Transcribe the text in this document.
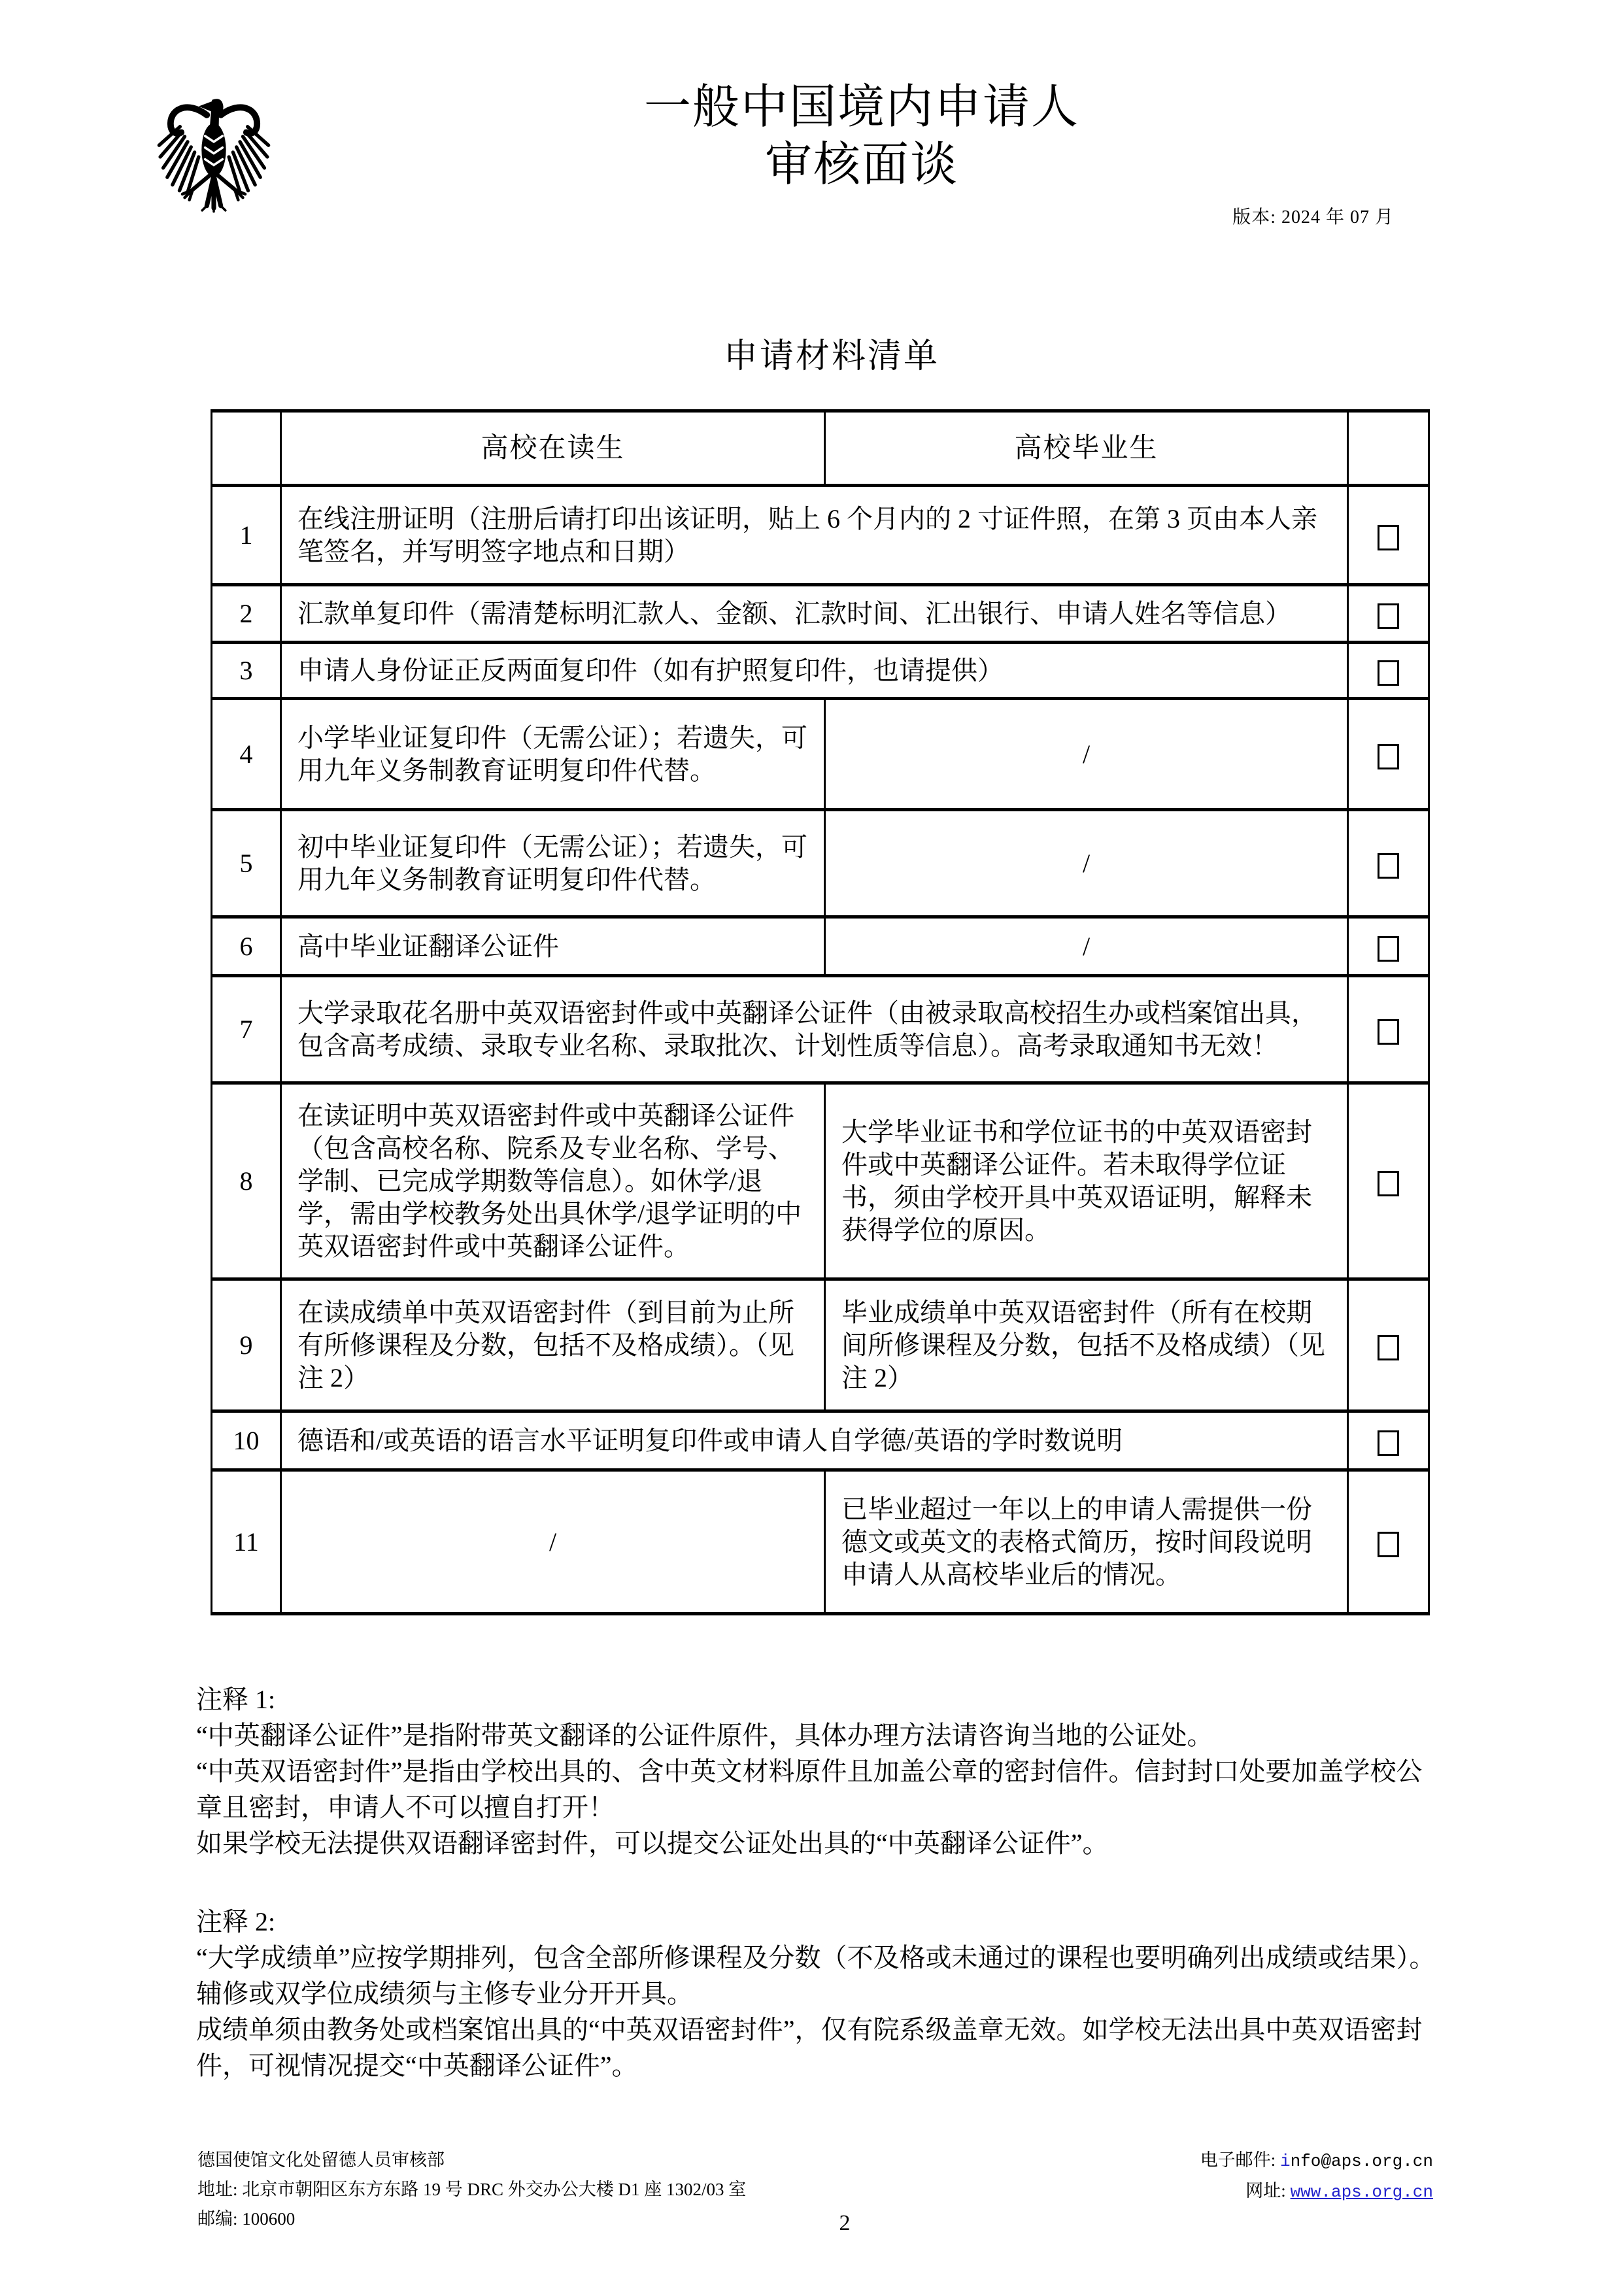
一般中国境内申请人
审核面谈
版本: 2024 年 07 月
申请材料清单
	高校在读生	高校毕业生	
1	在线注册证明（注册后请打印出该证明，贴上 6 个月内的 2 寸证件照，在第 3 页由本人亲笔签名，并写明签字地点和日期）		
2	汇款单复印件（需清楚标明汇款人、金额、汇款时间、汇出银行、申请人姓名等信息）		
3	申请人身份证正反两面复印件（如有护照复印件，也请提供）		
4	小学毕业证复印件（无需公证）；若遗失，可用九年义务制教育证明复印件代替。	/	
5	初中毕业证复印件（无需公证）；若遗失，可用九年义务制教育证明复印件代替。	/	
6	高中毕业证翻译公证件	/	
7	大学录取花名册中英双语密封件或中英翻译公证件（由被录取高校招生办或档案馆出具，包含高考成绩、录取专业名称、录取批次、计划性质等信息）。高考录取通知书无效！		
8	在读证明中英双语密封件或中英翻译公证件（包含高校名称、院系及专业名称、学号、学制、已完成学期数等信息）。如休学/退学，需由学校教务处出具休学/退学证明的中英双语密封件或中英翻译公证件。	大学毕业证书和学位证书的中英双语密封件或中英翻译公证件。若未取得学位证书，须由学校开具中英双语证明，解释未获得学位的原因。	
9	在读成绩单中英双语密封件（到目前为止所有所修课程及分数，包括不及格成绩）。（见注 2）	毕业成绩单中英双语密封件（所有在校期间所修课程及分数，包括不及格成绩）（见注 2）	
10	德语和/或英语的语言水平证明复印件或申请人自学德/英语的学时数说明		
11	/	已毕业超过一年以上的申请人需提供一份德文或英文的表格式简历，按时间段说明申请人从高校毕业后的情况。	

注释 1:

“中英翻译公证件”是指附带英文翻译的公证件原件，具体办理方法请咨询当地的公证处。

“中英双语密封件”是指由学校出具的、含中英文材料原件且加盖公章的密封信件。信封封口处要加盖学校公章且密封，申请人不可以擅自打开！

如果学校无法提供双语翻译密封件，可以提交公证处出具的“中英翻译公证件”。

注释 2:

“大学成绩单”应按学期排列，包含全部所修课程及分数（不及格或未通过的课程也要明确列出成绩或结果）。辅修或双学位成绩须与主修专业分开开具。

成绩单须由教务处或档案馆出具的“中英双语密封件”，仅有院系级盖章无效。如学校无法出具中英双语密封件，可视情况提交“中英翻译公证件”。

德国使馆文化处留德人员审核部
地址: 北京市朝阳区东方东路 19 号 DRC 外交办公大楼 D1 座 1302/03 室
邮编: 100600
电子邮件: info@aps.org.cn
网址: www.aps.org.cn
2
